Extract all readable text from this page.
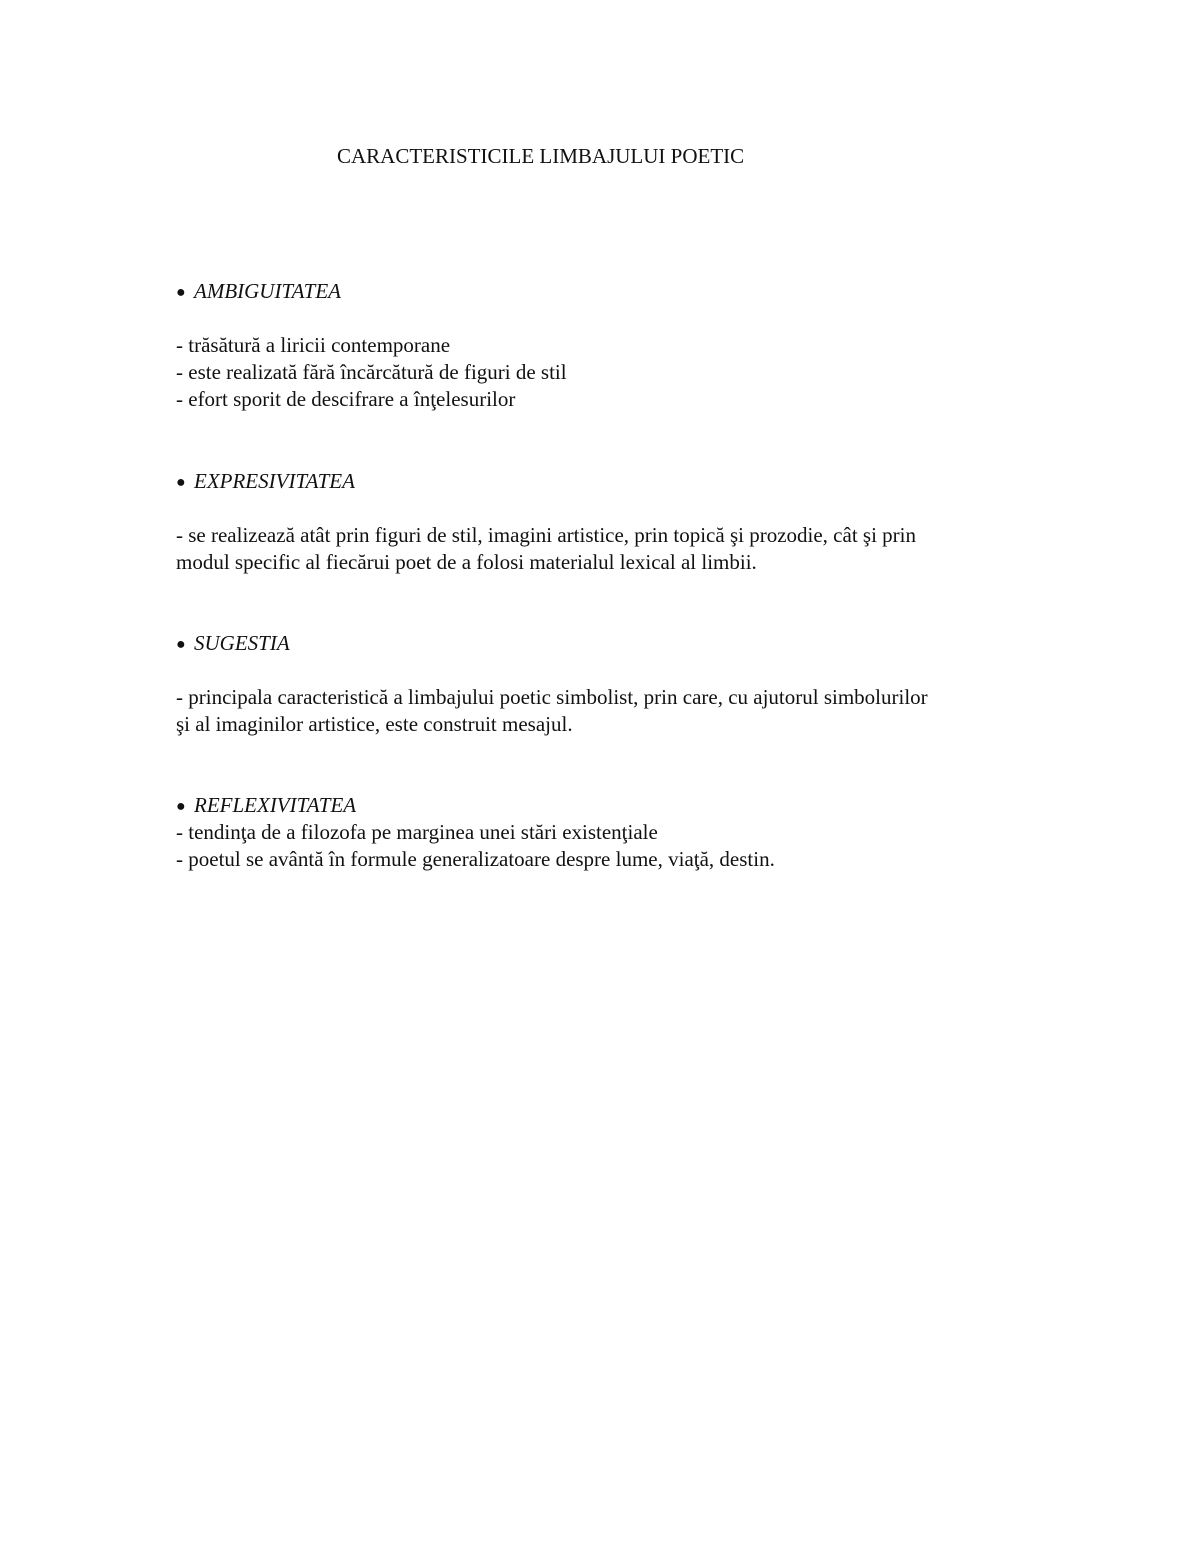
CARACTERISTICILE LIMBAJULUI POETIC
● AMBIGUITATEA
- trăsătură a liricii contemporane
- este realizată fără încărcătură de figuri de stil
- efort sporit de descifrare a înţelesurilor
● EXPRESIVITATEA
- se realizează atât prin figuri de stil, imagini artistice, prin topică şi prozodie, cât şi prin
modul specific al fiecărui poet de a folosi materialul lexical al limbii.
● SUGESTIA
- principala caracteristică a limbajului poetic simbolist, prin care, cu ajutorul simbolurilor
şi al imaginilor artistice, este construit mesajul.
● REFLEXIVITATEA
- tendinţa de a filozofa pe marginea unei stări existenţiale
- poetul se avântă în formule generalizatoare despre lume, viaţă, destin.
